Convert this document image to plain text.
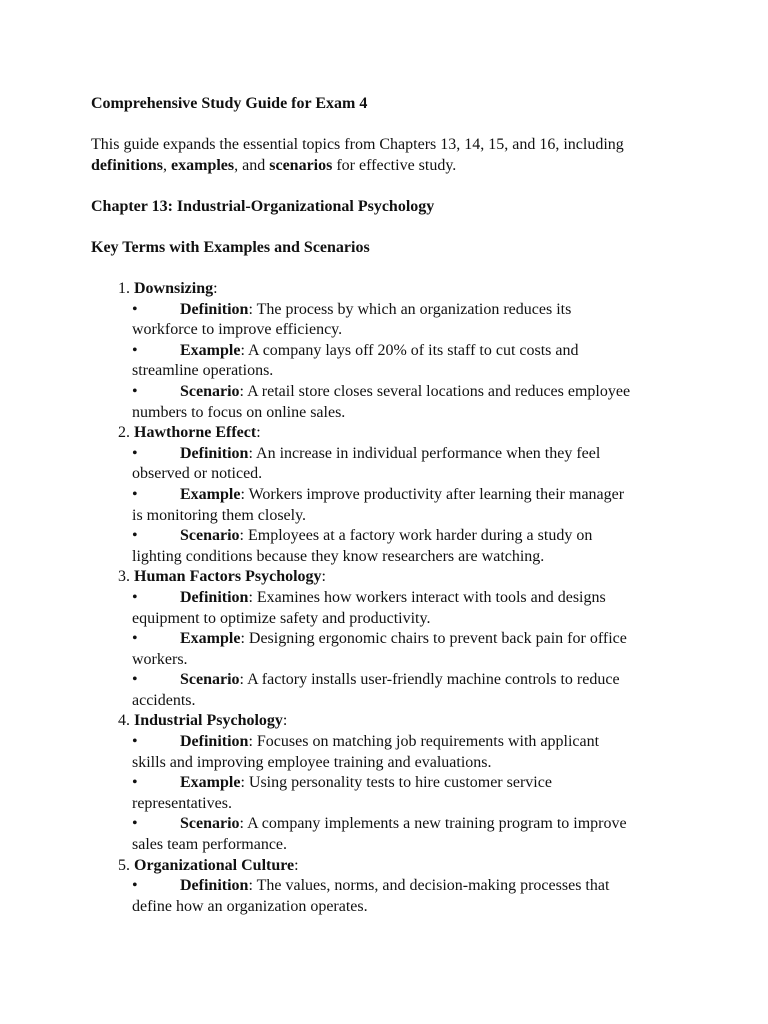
Comprehensive Study Guide for Exam 4
This guide expands the essential topics from Chapters 13, 14, 15, and 16, including
definitions, examples, and scenarios for effective study.
Chapter 13: Industrial-Organizational Psychology
Key Terms with Examples and Scenarios
1. Downsizing:
•	Definition: The process by which an organization reduces its
workforce to improve efficiency.
•	Example: A company lays off 20% of its staff to cut costs and
streamline operations.
•	Scenario: A retail store closes several locations and reduces employee
numbers to focus on online sales.
2. Hawthorne Effect:
•	Definition: An increase in individual performance when they feel
observed or noticed.
•	Example: Workers improve productivity after learning their manager
is monitoring them closely.
•	Scenario: Employees at a factory work harder during a study on
lighting conditions because they know researchers are watching.
3. Human Factors Psychology:
•	Definition: Examines how workers interact with tools and designs
equipment to optimize safety and productivity.
•	Example: Designing ergonomic chairs to prevent back pain for office
workers.
•	Scenario: A factory installs user-friendly machine controls to reduce
accidents.
4. Industrial Psychology:
•	Definition: Focuses on matching job requirements with applicant
skills and improving employee training and evaluations.
•	Example: Using personality tests to hire customer service
representatives.
•	Scenario: A company implements a new training program to improve
sales team performance.
5. Organizational Culture:
•	Definition: The values, norms, and decision-making processes that
define how an organization operates.
